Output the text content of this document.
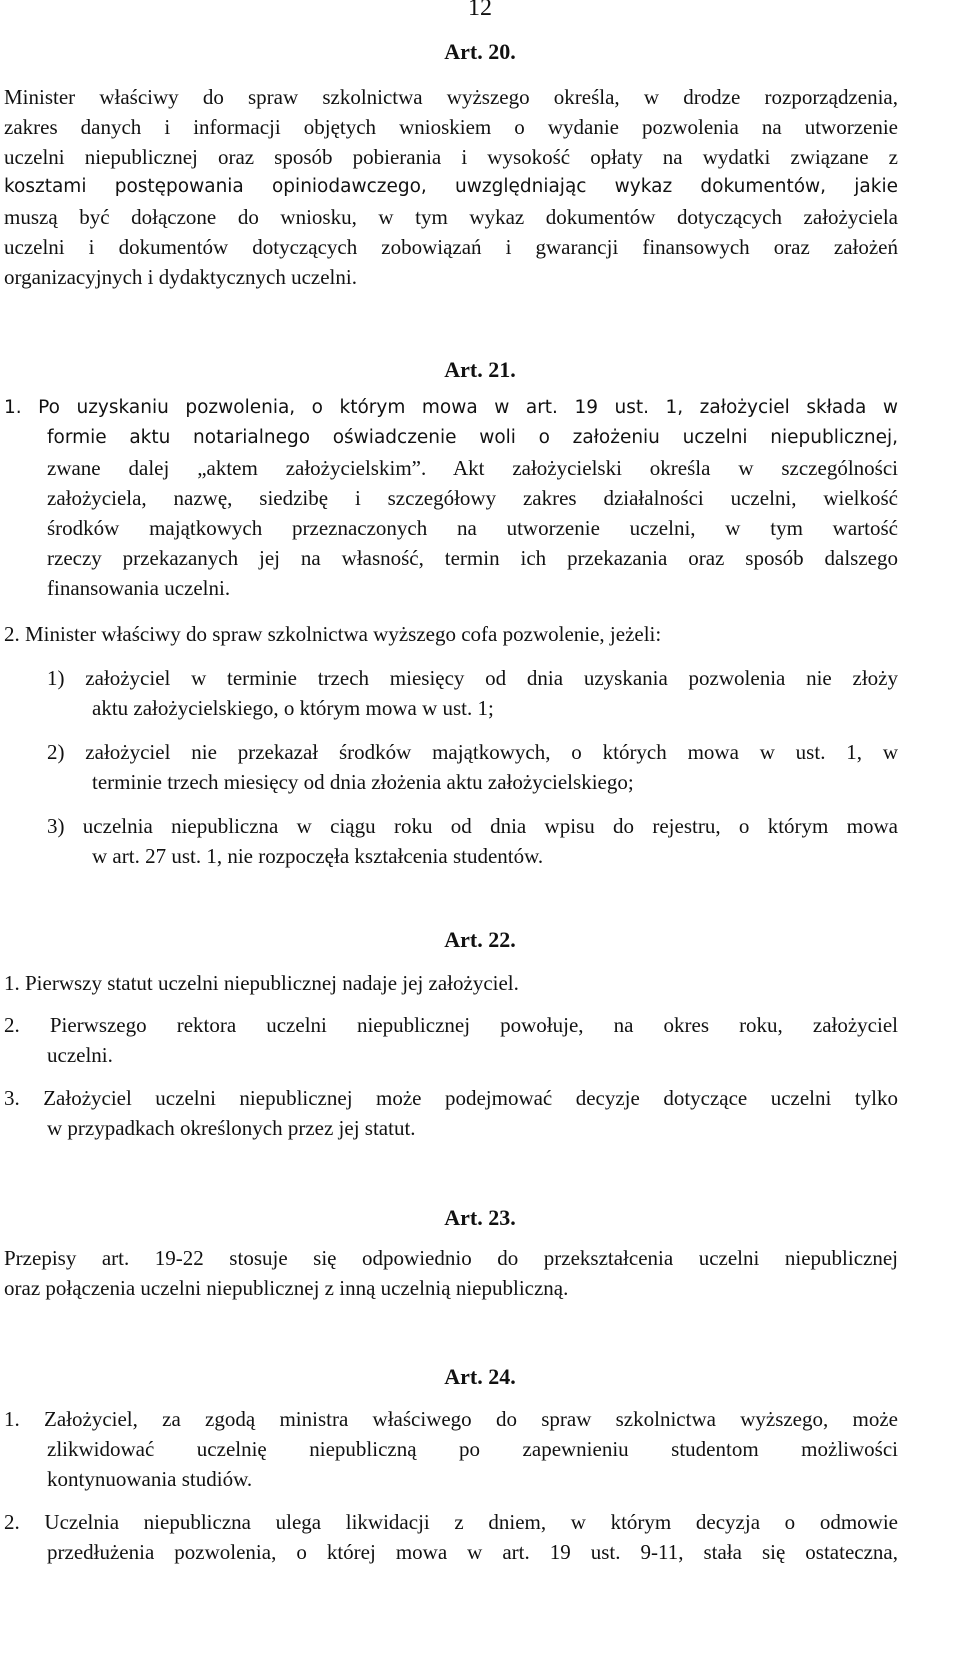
12
Art. 20.
Minister właściwy do spraw szkolnictwa wyższego określa, w drodze rozporządzenia,
zakres danych i informacji objętych wnioskiem o wydanie pozwolenia na utworzenie
uczelni niepublicznej oraz sposób pobierania i wysokość opłaty na wydatki związane z
kosztami postępowania opiniodawczego, uwzględniając wykaz dokumentów, jakie
muszą być dołączone do wniosku, w tym wykaz dokumentów dotyczących założyciela
uczelni i dokumentów dotyczących zobowiązań i gwarancji finansowych oraz założeń
organizacyjnych i dydaktycznych uczelni.
Art. 21.
1. Po uzyskaniu pozwolenia, o którym mowa w art. 19 ust. 1, założyciel składa w
formie aktu notarialnego oświadczenie woli o założeniu uczelni niepublicznej,
zwane dalej „aktem założycielskim”. Akt założycielski określa w szczególności
założyciela, nazwę, siedzibę i szczegółowy zakres działalności uczelni, wielkość
środków majątkowych przeznaczonych na utworzenie uczelni, w tym wartość
rzeczy przekazanych jej na własność, termin ich przekazania oraz sposób dalszego
finansowania uczelni.
2. Minister właściwy do spraw szkolnictwa wyższego cofa pozwolenie, jeżeli:
1) założyciel w terminie trzech miesięcy od dnia uzyskania pozwolenia nie złoży
aktu założycielskiego, o którym mowa w ust. 1;
2) założyciel nie przekazał środków majątkowych, o których mowa w ust. 1, w
terminie trzech miesięcy od dnia złożenia aktu założycielskiego;
3) uczelnia niepubliczna w ciągu roku od dnia wpisu do rejestru, o którym mowa
w art. 27 ust. 1, nie rozpoczęła kształcenia studentów.
Art. 22.
1. Pierwszy statut uczelni niepublicznej nadaje jej założyciel.
2. Pierwszego rektora uczelni niepublicznej powołuje, na okres roku, założyciel
uczelni.
3. Założyciel uczelni niepublicznej może podejmować decyzje dotyczące uczelni tylko
w przypadkach określonych przez jej statut.
Art. 23.
Przepisy art. 19-22 stosuje się odpowiednio do przekształcenia uczelni niepublicznej
oraz połączenia uczelni niepublicznej z inną uczelnią niepubliczną.
Art. 24.
1. Założyciel, za zgodą ministra właściwego do spraw szkolnictwa wyższego, może
zlikwidować uczelnię niepubliczną po zapewnieniu studentom możliwości
kontynuowania studiów.
2. Uczelnia niepubliczna ulega likwidacji z dniem, w którym decyzja o odmowie
przedłużenia pozwolenia, o której mowa w art. 19 ust. 9-11, stała się ostateczna,
